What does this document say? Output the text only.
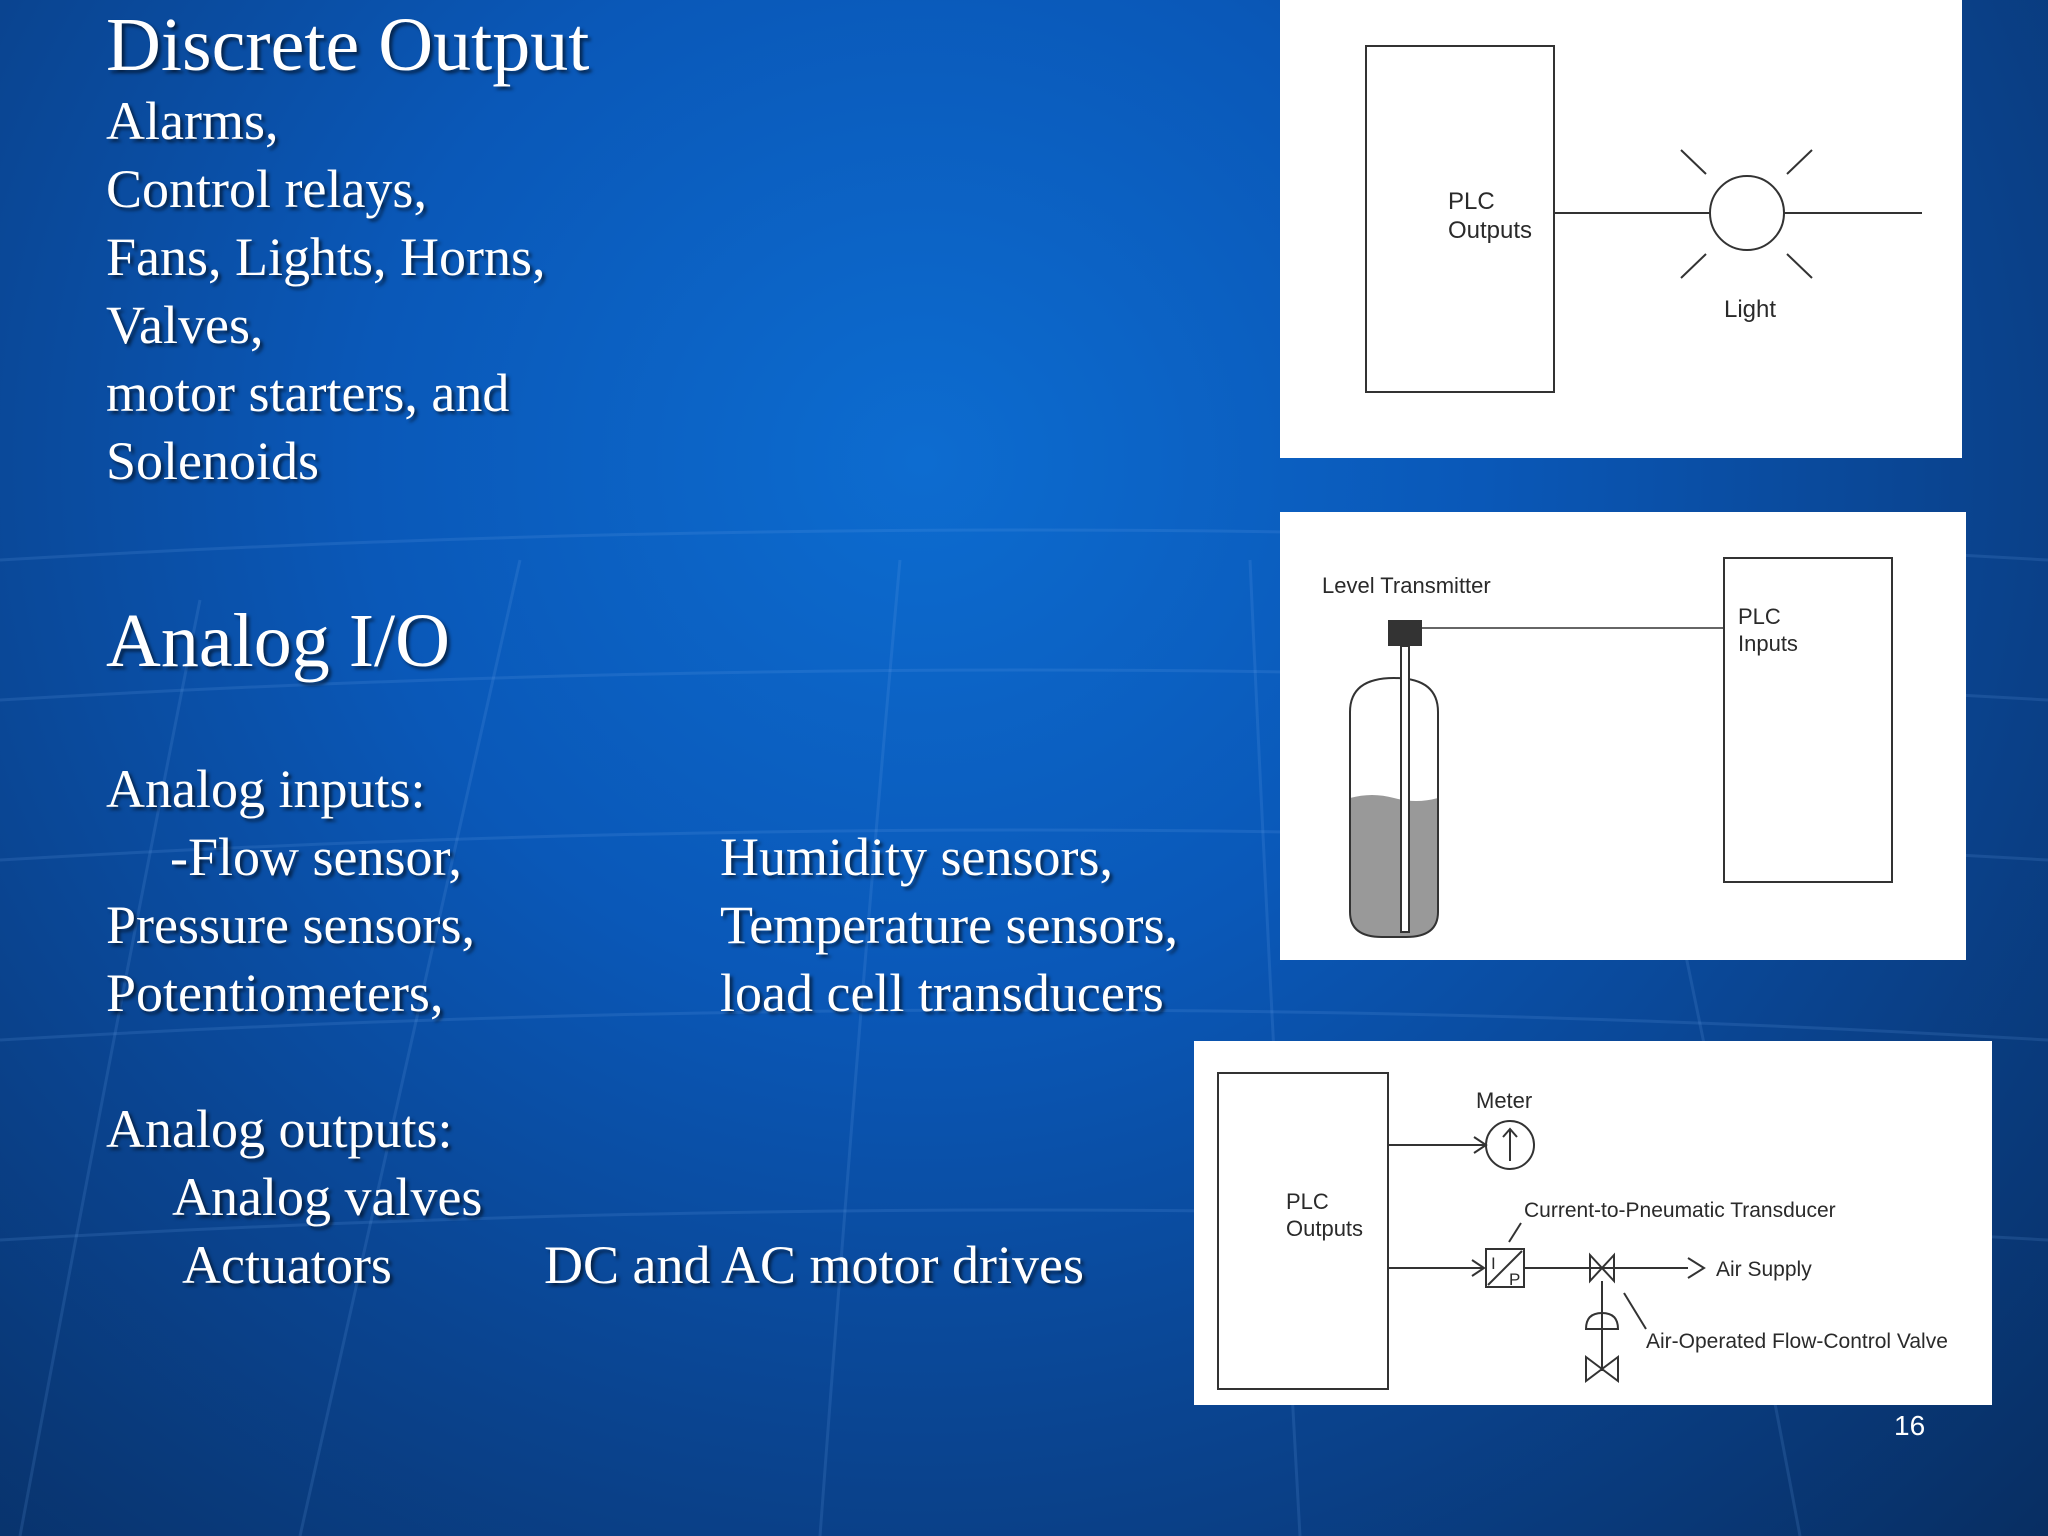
Discrete Output
Alarms,
Control relays,
Fans, Lights, Horns,
Valves,
motor starters, and
Solenoids
Analog I/O
Analog inputs:
-Flow sensor,
Pressure sensors,
Potentiometers,
Humidity sensors,
Temperature sensors,
load cell transducers
Analog outputs:
Analog valves
Actuators	DC and AC motor drives
PLC
Outputs
Light
Level Transmitter
PLC
Inputs
PLC
Outputs
Meter
Current-to-Pneumatic Transducer
I
P	Air Supply
Air-Operated Flow-Control Valve
16
